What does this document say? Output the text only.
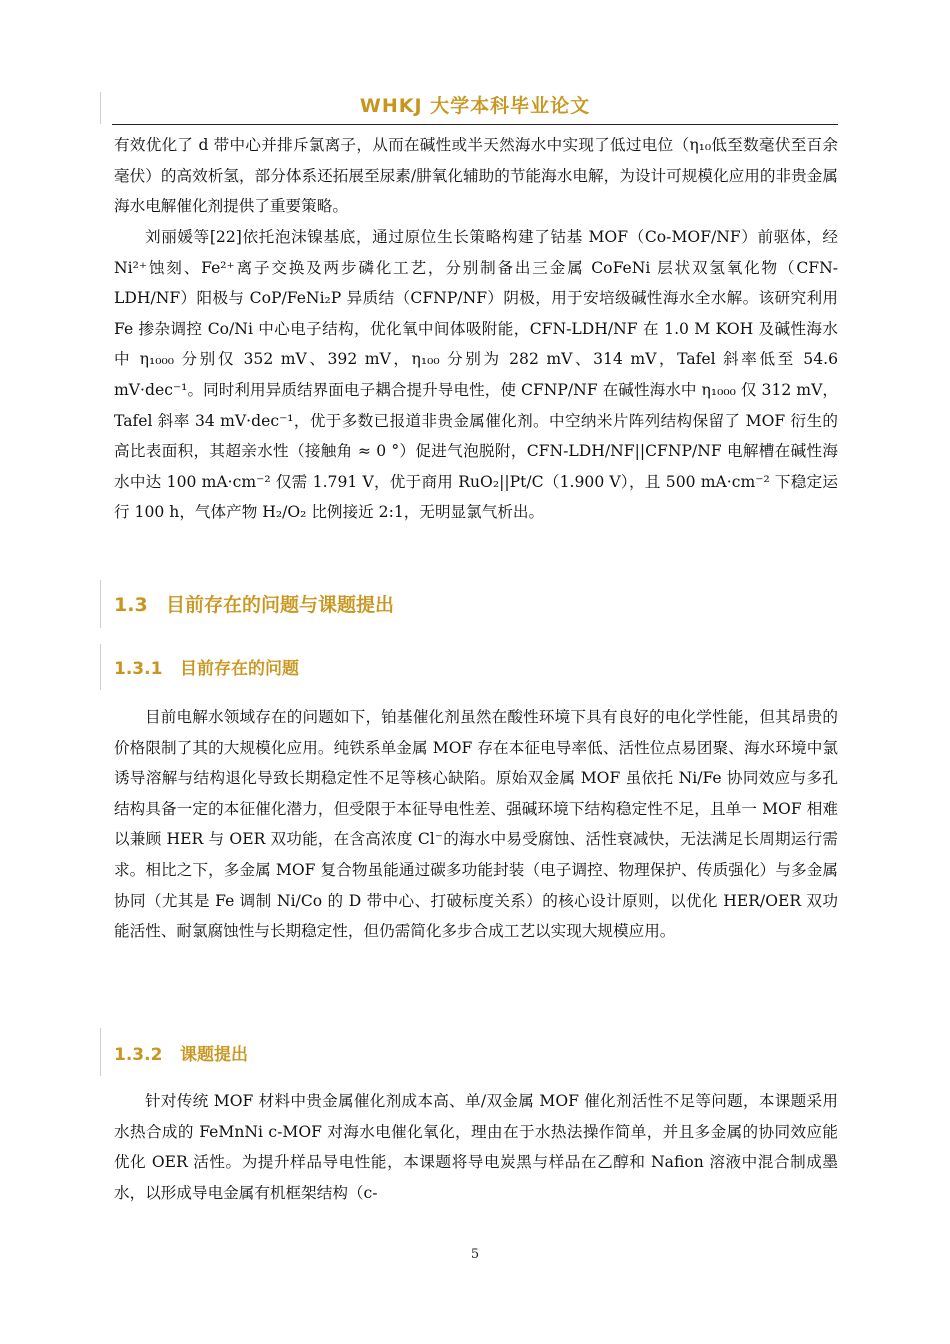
WHKJ 大学本科毕业论文

有效优化了 d 带中心并排斥氯离子，从而在碱性或半天然海水中实现了低过电位（η₁₀低至数毫伏至百余毫伏）的高效析氢，部分体系还拓展至尿素/肼氧化辅助的节能海水电解，为设计可规模化应用的非贵金属海水电解催化剂提供了重要策略。

刘丽媛等[22]依托泡沫镍基底，通过原位生长策略构建了钴基 MOF（Co-MOF/NF）前驱体，经 Ni²⁺蚀刻、Fe²⁺离子交换及两步磷化工艺，分别制备出三金属 CoFeNi 层状双氢氧化物（CFN-LDH/NF）阳极与 CoP/FeNi₂P 异质结（CFNP/NF）阴极，用于安培级碱性海水全水解。该研究利用 Fe 掺杂调控 Co/Ni 中心电子结构，优化氧中间体吸附能，CFN-LDH/NF 在 1.0 M KOH 及碱性海水中 η₁₀₀₀ 分别仅 352 mV、392 mV，η₁₀₀ 分别为 282 mV、314 mV，Tafel 斜率低至 54.6 mV·dec⁻¹。同时利用异质结界面电子耦合提升导电性，使 CFNP/NF 在碱性海水中 η₁₀₀₀ 仅 312 mV，Tafel 斜率 34 mV·dec⁻¹，优于多数已报道非贵金属催化剂。中空纳米片阵列结构保留了 MOF 衍生的高比表面积，其超亲水性（接触角 ≈ 0 °）促进气泡脱附，CFN-LDH/NF||CFNP/NF 电解槽在碱性海水中达 100 mA·cm⁻² 仅需 1.791 V，优于商用 RuO₂||Pt/C（1.900 V），且 500 mA·cm⁻² 下稳定运行 100 h，气体产物 H₂/O₂ 比例接近 2:1，无明显氯气析出。

1.3 目前存在的问题与课题提出
1.3.1 目前存在的问题

目前电解水领域存在的问题如下，铂基催化剂虽然在酸性环境下具有良好的电化学性能，但其昂贵的价格限制了其的大规模化应用。纯铁系单金属 MOF 存在本征电导率低、活性位点易团聚、海水环境中氯诱导溶解与结构退化导致长期稳定性不足等核心缺陷。原始双金属 MOF 虽依托 Ni/Fe 协同效应与多孔结构具备一定的本征催化潜力，但受限于本征导电性差、强碱环境下结构稳定性不足，且单一 MOF 相难以兼顾 HER 与 OER 双功能，在含高浓度 Cl⁻的海水中易受腐蚀、活性衰减快，无法满足长周期运行需求。相比之下，多金属 MOF 复合物虽能通过碳多功能封装（电子调控、物理保护、传质强化）与多金属协同（尤其是 Fe 调制 Ni/Co 的 D 带中心、打破标度关系）的核心设计原则，以优化 HER/OER 双功能活性、耐氯腐蚀性与长期稳定性，但仍需简化多步合成工艺以实现大规模应用。

1.3.2 课题提出

针对传统 MOF 材料中贵金属催化剂成本高、单/双金属 MOF 催化剂活性不足等问题，本课题采用水热合成的 FeMnNi c-MOF 对海水电催化氧化，理由在于水热法操作简单，并且多金属的协同效应能优化 OER 活性。为提升样品导电性能，本课题将导电炭黑与样品在乙醇和 Nafion 溶液中混合制成墨水，以形成导电金属有机框架结构（c-

5
